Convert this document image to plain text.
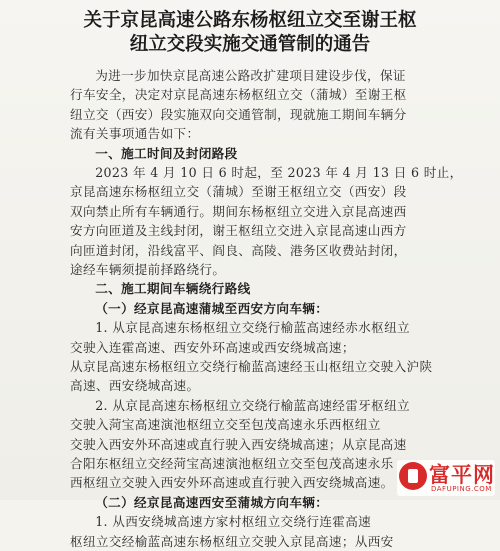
关于京昆高速公路东杨枢纽立交至谢王枢
纽立交段实施交通管制的通告
为进一步加快京昆高速公路改扩建项目建设步伐，保证
行车安全，决定对京昆高速东杨枢纽立交（蒲城）至谢王枢
纽立交（西安）段实施双向交通管制，现就施工期间车辆分
流有关事项通告如下：
一、施工时间及封闭路段
2023 年 4 月 10 日 6 时起，至 2023 年 4 月 13 日 6 时止，
京昆高速东杨枢纽立交（蒲城）至谢王枢纽立交（西安）段
双向禁止所有车辆通行。期间东杨枢纽立交进入京昆高速西
安方向匝道及主线封闭，谢王枢纽立交进入京昆高速山西方
向匝道封闭，沿线富平、阎良、高陵、港务区收费站封闭，
途经车辆须提前择路绕行。
二、施工期间车辆绕行路线
（一）经京昆高速蒲城至西安方向车辆：
1. 从京昆高速东杨枢纽立交绕行榆蓝高速经赤水枢纽立
交驶入连霍高速、西安外环高速或西安绕城高速；
从京昆高速东杨枢纽立交绕行榆蓝高速经玉山枢纽立交驶入沪陕
高速、西安绕城高速。
2. 从京昆高速东杨枢纽立交绕行榆蓝高速经雷牙枢纽立
交驶入菏宝高速演池枢纽立交至包茂高速永乐西枢纽立
交驶入西安外环高速或直行驶入西安绕城高速；从京昆高速
合阳东枢纽立交经菏宝高速演池枢纽立交至包茂高速永乐
西枢纽立交驶入西安外环高速或直行驶入西安绕城高速。
（二）经京昆高速西安至蒲城方向车辆：
1. 从西安绕城高速方家村枢纽立交绕行连霍高速
枢纽立交经榆蓝高速东杨枢纽立交驶入京昆高速；从西安
富平网
DAFUPING.COM
